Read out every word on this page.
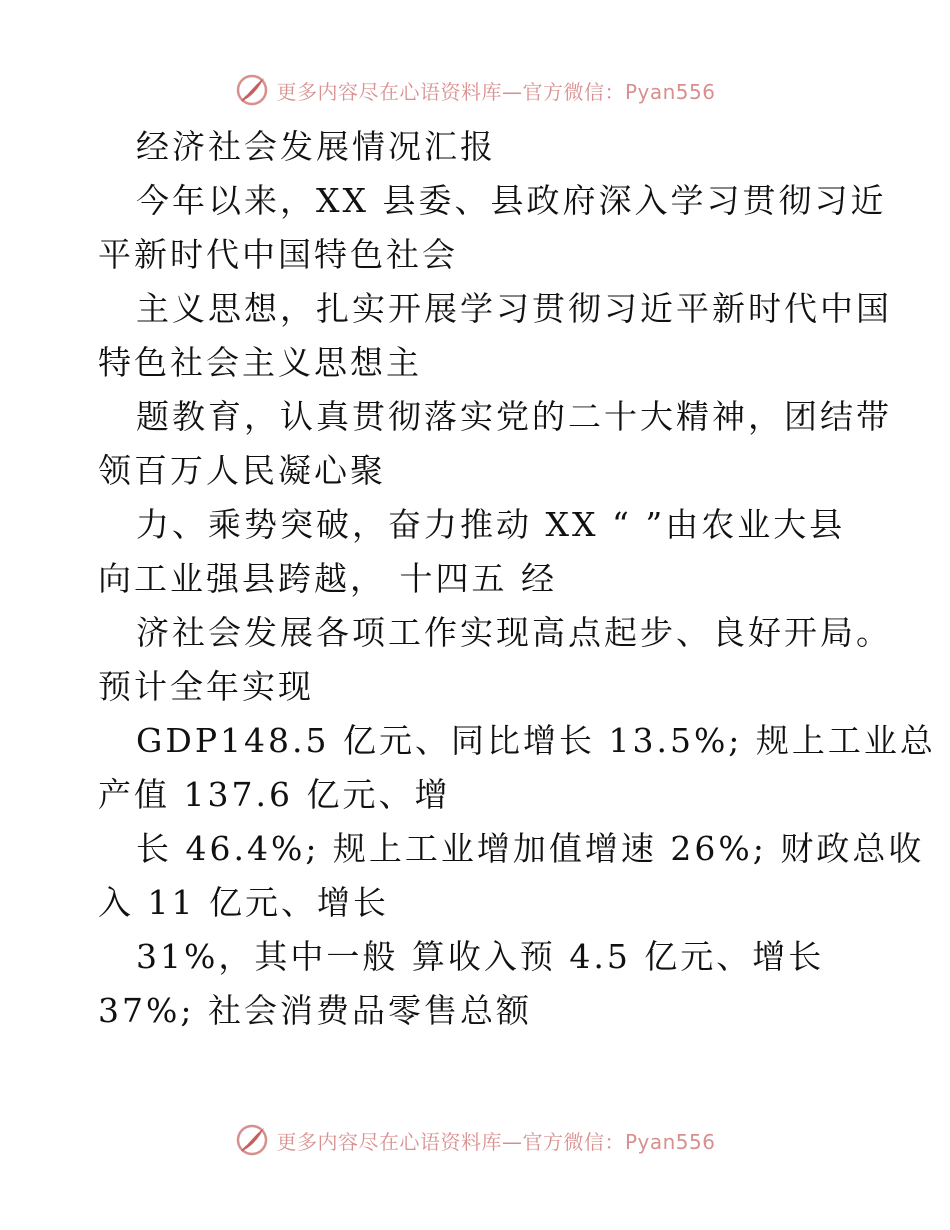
更多内容尽在心语资料库—官方微信：Pyan556
经济社会发展情况汇报
今年以来，XX 县委、县政府深入学习贯彻习近
平新时代中国特色社会
主义思想，扎实开展学习贯彻习近平新时代中国
特色社会主义思想主
题教育，认真贯彻落实党的二十大精神，团结带
领百万人民凝心聚
力、乘势突破，奋力推动 XX “ ”由农业大县
向工业强县跨越， 十四五 经
济社会发展各项工作实现高点起步、良好开局。
预计全年实现
GDP148.5 亿元、同比增长 13.5%; 规上工业总
产值 137.6 亿元、增
长 46.4%; 规上工业增加值增速 26%; 财政总收
入 11 亿元、增长
31%，其中一般 算收入预 4.5 亿元、增长
37%; 社会消费品零售总额
更多内容尽在心语资料库—官方微信：Pyan556
